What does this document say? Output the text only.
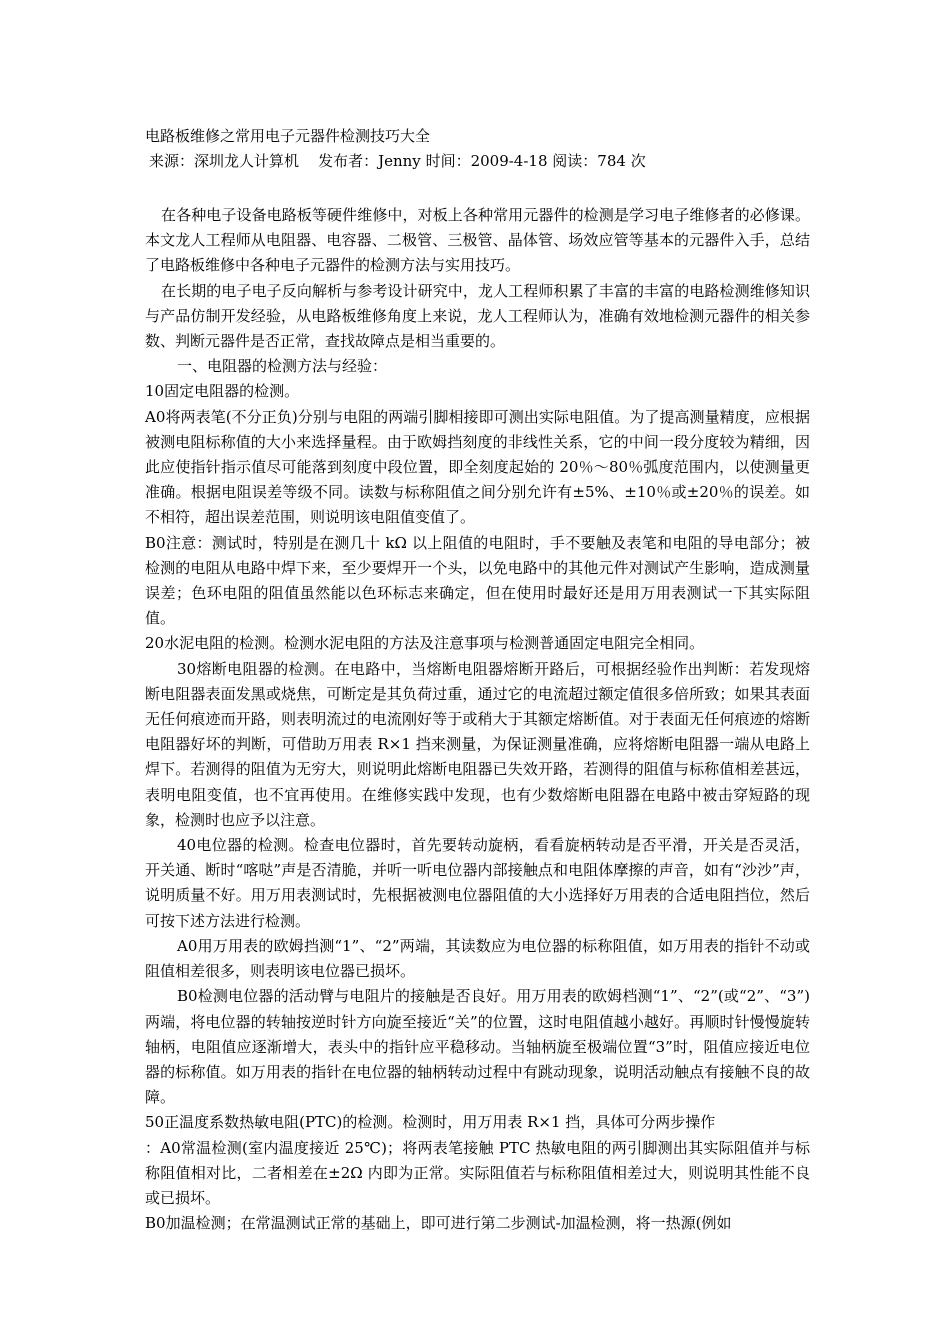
电路板维修之常用电子元器件检测技巧大全
来源：深圳龙人计算机 发布者：Jenny 时间：2009-4-18 阅读：784 次

在各种电子设备电路板等硬件维修中，对板上各种常用元器件的检测是学习电子维修者的必修课。本文龙人工程师从电阻器、电容器、二极管、三极管、晶体管、场效应管等基本的元器件入手，总结了电路板维修中各种电子元器件的检测方法与实用技巧。

在长期的电子电子反向解析与参考设计研究中，龙人工程师积累了丰富的丰富的电路检测维修知识与产品仿制开发经验，从电路板维修角度上来说，龙人工程师认为，准确有效地检测元器件的相关参数、判断元器件是否正常，查找故障点是相当重要的。

一、电阻器的检测方法与经验：

10固定电阻器的检测。

A0将两表笔(不分正负)分别与电阻的两端引脚相接即可测出实际电阻值。为了提高测量精度，应根据被测电阻标称值的大小来选择量程。由于欧姆挡刻度的非线性关系，它的中间一段分度较为精细，因此应使指针指示值尽可能落到刻度中段位置，即全刻度起始的 20％～80％弧度范围内，以使测量更准确。根据电阻误差等级不同。读数与标称阻值之间分别允许有±5%、±10％或±20％的误差。如不相符，超出误差范围，则说明该电阻值变值了。

B0注意：测试时，特别是在测几十 kΩ 以上阻值的电阻时，手不要触及表笔和电阻的导电部分；被检测的电阻从电路中焊下来，至少要焊开一个头，以免电路中的其他元件对测试产生影响，造成测量误差；色环电阻的阻值虽然能以色环标志来确定，但在使用时最好还是用万用表测试一下其实际阻值。

20水泥电阻的检测。检测水泥电阻的方法及注意事项与检测普通固定电阻完全相同。

30熔断电阻器的检测。在电路中，当熔断电阻器熔断开路后，可根据经验作出判断：若发现熔断电阻器表面发黑或烧焦，可断定是其负荷过重，通过它的电流超过额定值很多倍所致；如果其表面无任何痕迹而开路，则表明流过的电流刚好等于或稍大于其额定熔断值。对于表面无任何痕迹的熔断电阻器好坏的判断，可借助万用表 R×1 挡来测量，为保证测量准确，应将熔断电阻器一端从电路上焊下。若测得的阻值为无穷大，则说明此熔断电阻器已失效开路，若测得的阻值与标称值相差甚远，表明电阻变值，也不宜再使用。在维修实践中发现，也有少数熔断电阻器在电路中被击穿短路的现象，检测时也应予以注意。

40电位器的检测。检查电位器时，首先要转动旋柄，看看旋柄转动是否平滑，开关是否灵活，开关通、断时“喀哒”声是否清脆，并听一听电位器内部接触点和电阻体摩擦的声音，如有“沙沙”声，说明质量不好。用万用表测试时，先根据被测电位器阻值的大小选择好万用表的合适电阻挡位，然后可按下述方法进行检测。

A0用万用表的欧姆挡测“1”、“2”两端，其读数应为电位器的标称阻值，如万用表的指针不动或阻值相差很多，则表明该电位器已损坏。

B0检测电位器的活动臂与电阻片的接触是否良好。用万用表的欧姆档测“1”、“2”(或“2”、“3”)两端，将电位器的转轴按逆时针方向旋至接近“关”的位置，这时电阻值越小越好。再顺时针慢慢旋转轴柄，电阻值应逐渐增大，表头中的指针应平稳移动。当轴柄旋至极端位置“3”时，阻值应接近电位器的标称值。如万用表的指针在电位器的轴柄转动过程中有跳动现象，说明活动触点有接触不良的故障。

50正温度系数热敏电阻(PTC)的检测。检测时，用万用表 R×1 挡，具体可分两步操作

：A0常温检测(室内温度接近 25℃)；将两表笔接触 PTC 热敏电阻的两引脚测出其实际阻值并与标称阻值相对比，二者相差在±2Ω 内即为正常。实际阻值若与标称阻值相差过大，则说明其性能不良或已损坏。

B0加温检测；在常温测试正常的基础上，即可进行第二步测试-加温检测，将一热源(例如
